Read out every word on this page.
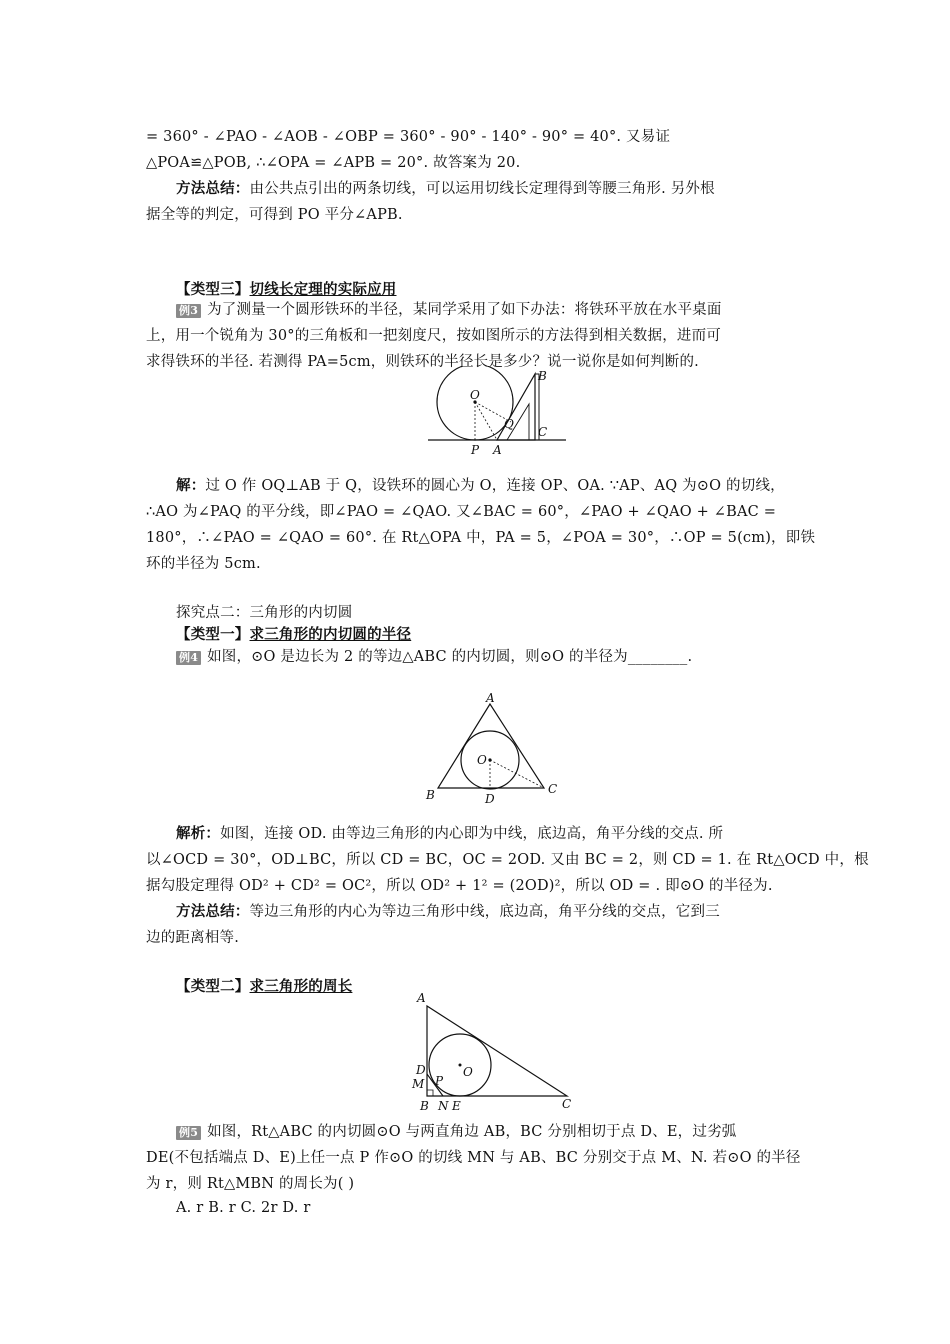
= 360° - ∠PAO - ∠AOB - ∠OBP = 360° - 90° - 140° - 90° = 40°. 又易证
△POA≌△POB, ∴∠OPA = ∠APB = 20°. 故答案为 20.
方法总结：由公共点引出的两条切线，可以运用切线长定理得到等腰三角形. 另外根
据全等的判定，可得到 PO 平分∠APB.
【类型三】切线长定理的实际应用
例3 为了测量一个圆形铁环的半径，某同学采用了如下办法：将铁环平放在水平桌面
上，用一个锐角为 30°的三角板和一把刻度尺，按如图所示的方法得到相关数据，进而可
求得铁环的半径. 若测得 PA=5cm，则铁环的半径长是多少？说一说你是如何判断的.
O
B
Q
C
P A
解：过 O 作 OQ⊥AB 于 Q，设铁环的圆心为 O，连接 OP、OA. ∵AP、AQ 为⊙O 的切线，
∴AO 为∠PAQ 的平分线，即∠PAO = ∠QAO. 又∠BAC = 60°，∠PAO + ∠QAO + ∠BAC =
180°，∴∠PAO = ∠QAO = 60°. 在 Rt△OPA 中，PA = 5，∠POA = 30°，∴OP = 5(cm)，即铁
环的半径为 5cm.
探究点二：三角形的内切圆
【类型一】求三角形的内切圆的半径
例4 如图，⊙O 是边长为 2 的等边△ABC 的内切圆，则⊙O 的半径为________.
A
O
B	D
C
解析：如图，连接 OD. 由等边三角形的内心即为中线，底边高，角平分线的交点. 所
以∠OCD = 30°，OD⊥BC，所以 CD = BC，OC = 2OD. 又由 BC = 2，则 CD = 1. 在 Rt△OCD 中，根
据勾股定理得 OD² + CD² = OC²，所以 OD² + 1² = (2OD)²，所以 OD = . 即⊙O 的半径为.
方法总结：等边三角形的内心为等边三角形中线，底边高，角平分线的交点，它到三
边的距离相等.
【类型二】求三角形的周长
A
D
M P
O
B N E	C
例5 如图，Rt△ABC 的内切圆⊙O 与两直角边 AB，BC 分别相切于点 D、E，过劣弧
DE(不包括端点 D、E)上任一点 P 作⊙O 的切线 MN 与 AB、BC 分别交于点 M、N. 若⊙O 的半径
为 r，则 Rt△MBN 的周长为( )
A. r B. r C. 2r D. r
